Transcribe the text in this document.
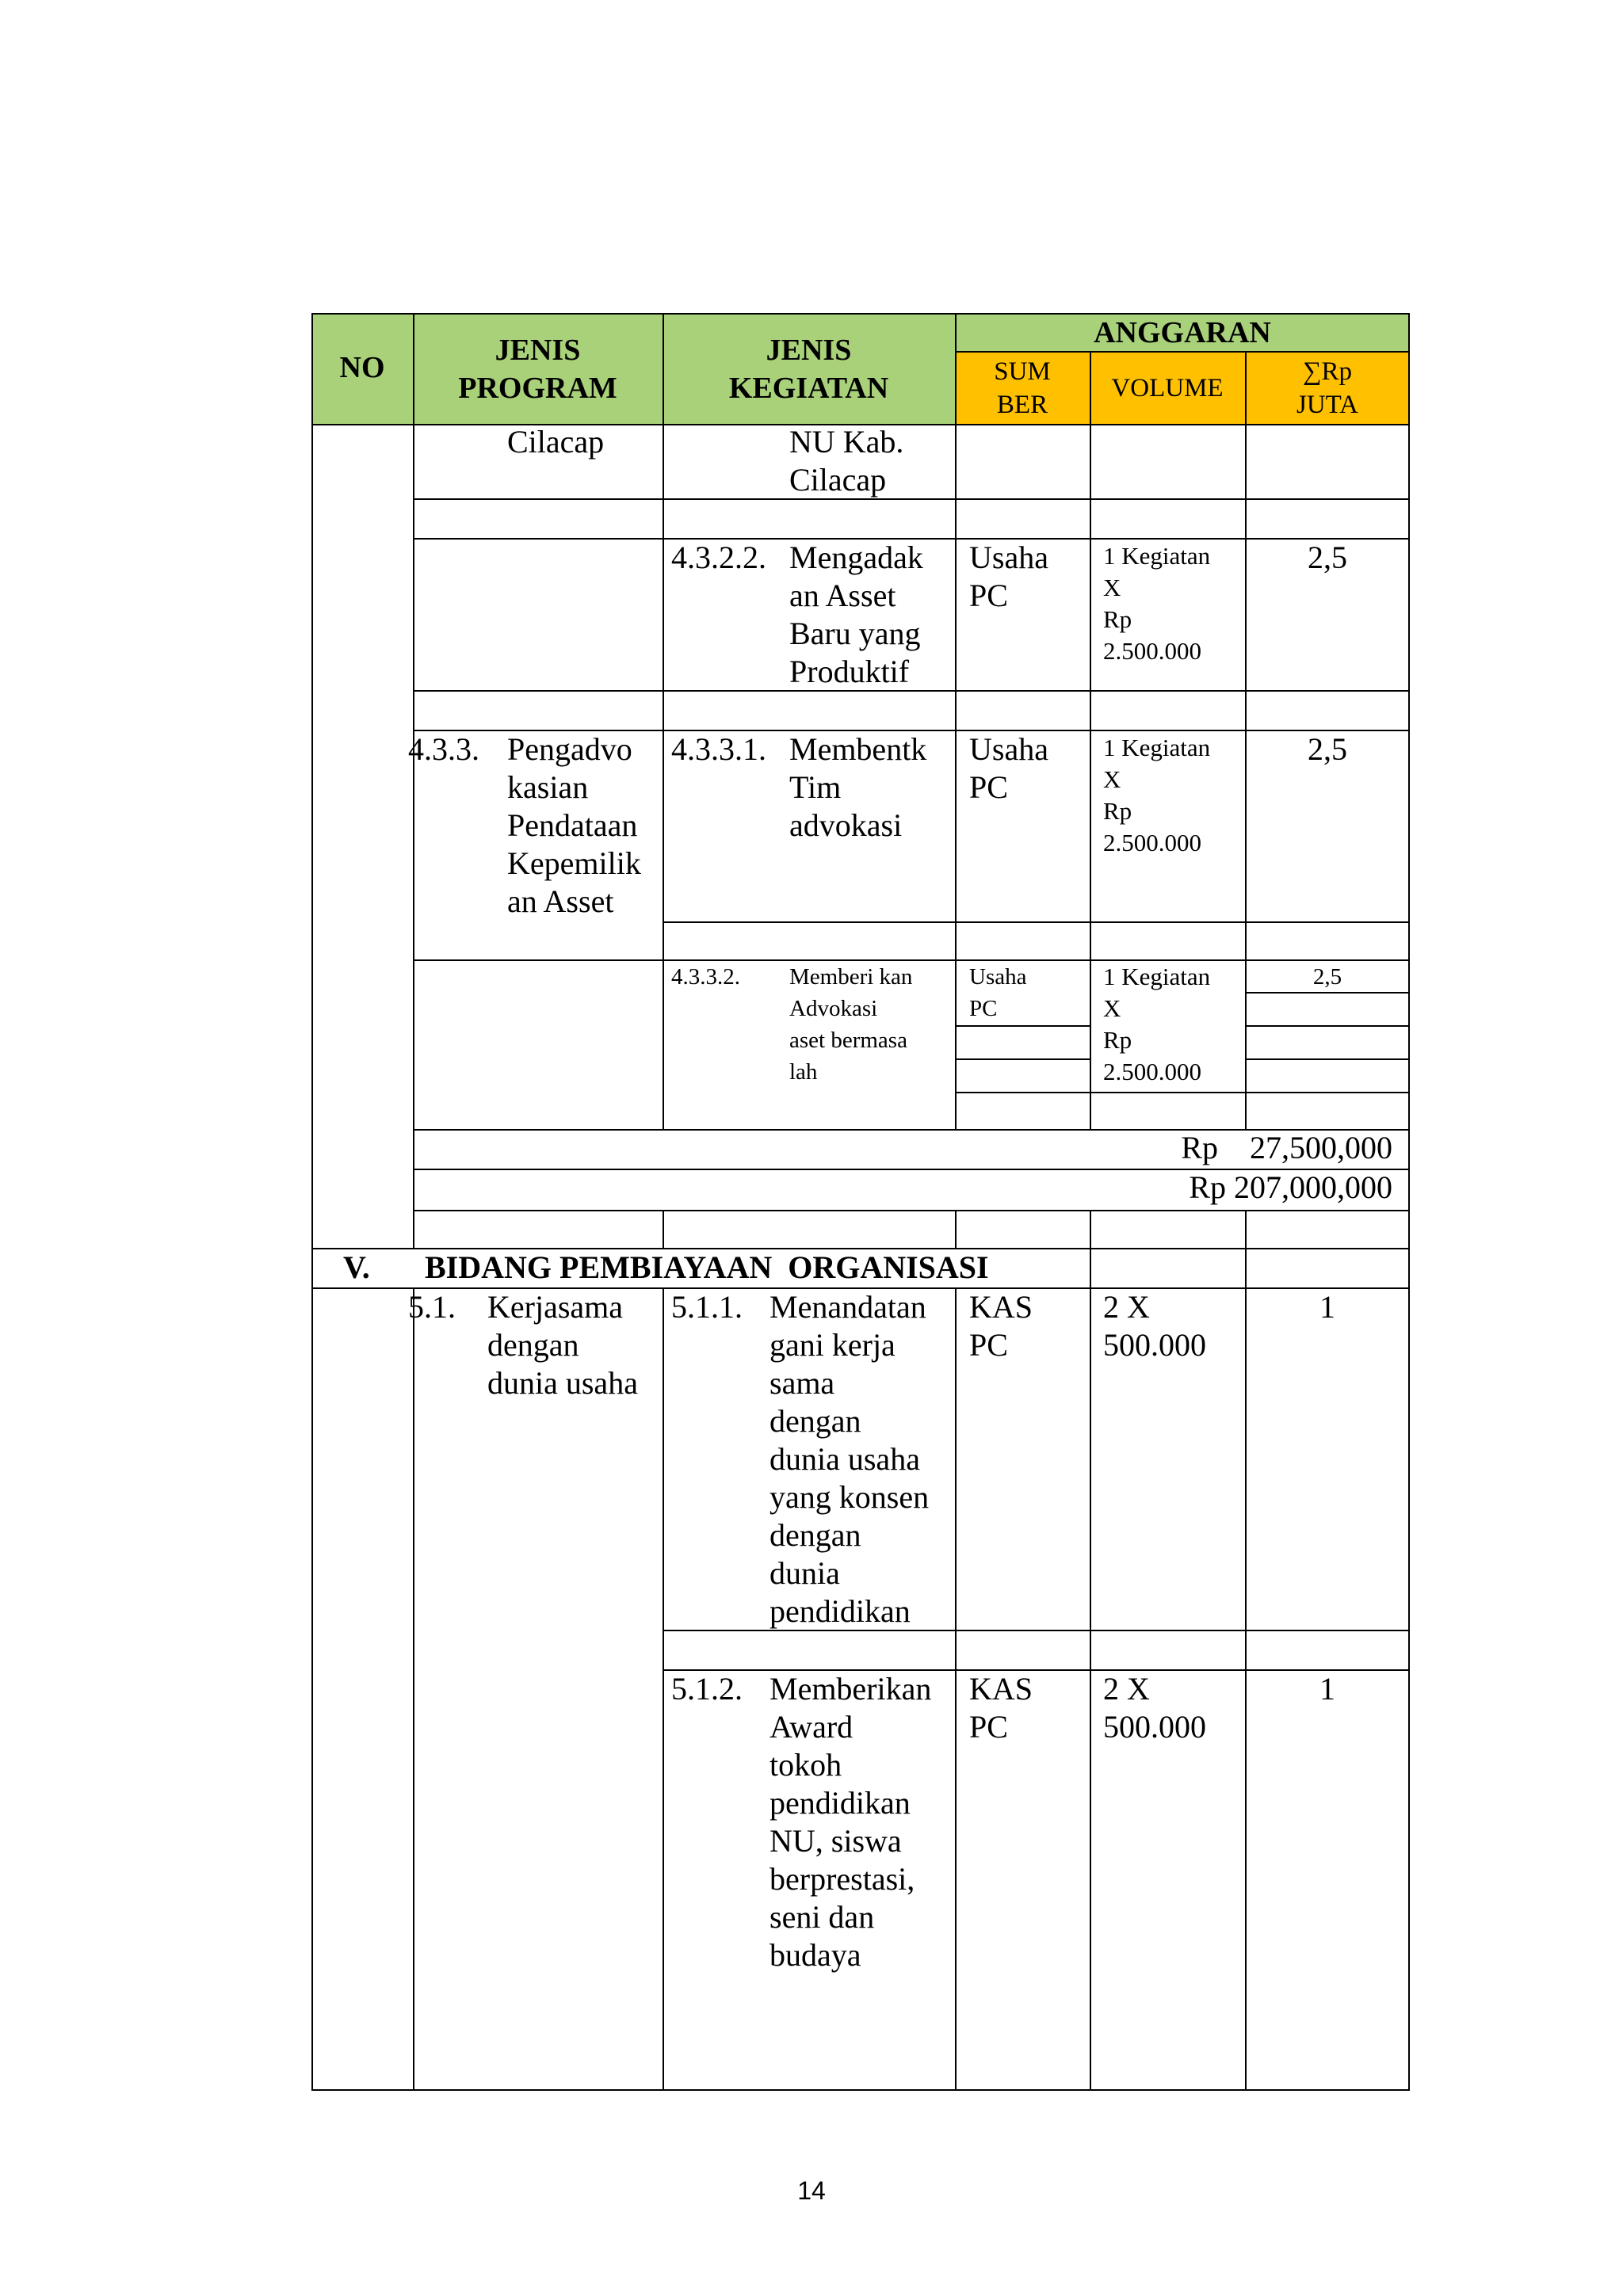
NO
JENIS
PROGRAM
JENIS
KEGIATAN
ANGGARAN
SUM
BER
VOLUME
∑Rp
JUTA
Cilacap	NU Kab.
Cilacap
4.3.2.2. Mengadak
an Asset
Baru yang
Produktif
Usaha
PC
1 Kegiatan
X
Rp
2.500.000
2,5
4.3.3. Pengadvo
kasian
Pendataan
Kepemilik
an Asset
4.3.3.1. Membentk
Tim
advokasi
Usaha
PC
1 Kegiatan
X
Rp
2.500.000
2,5
4.3.3.2. Memberi kan
Advokasi
aset bermasa
lah
Usaha
PC
1 Kegiatan
X
Rp
2.500.000
2,5
Rp    27,500,000
Rp 207,000,000
V. BIDANG PEMBIAYAAN  ORGANISASI
5.1. Kerjasama
dengan
dunia usaha
5.1.1. Menandatan
gani kerja
sama
dengan
dunia usaha
yang konsen
dengan
dunia
pendidikan
KAS
PC
2 X
500.000
1
5.1.2. Memberikan
Award
tokoh
pendidikan
NU, siswa
berprestasi,
seni dan
budaya
KAS
PC
2 X
500.000
1
14
